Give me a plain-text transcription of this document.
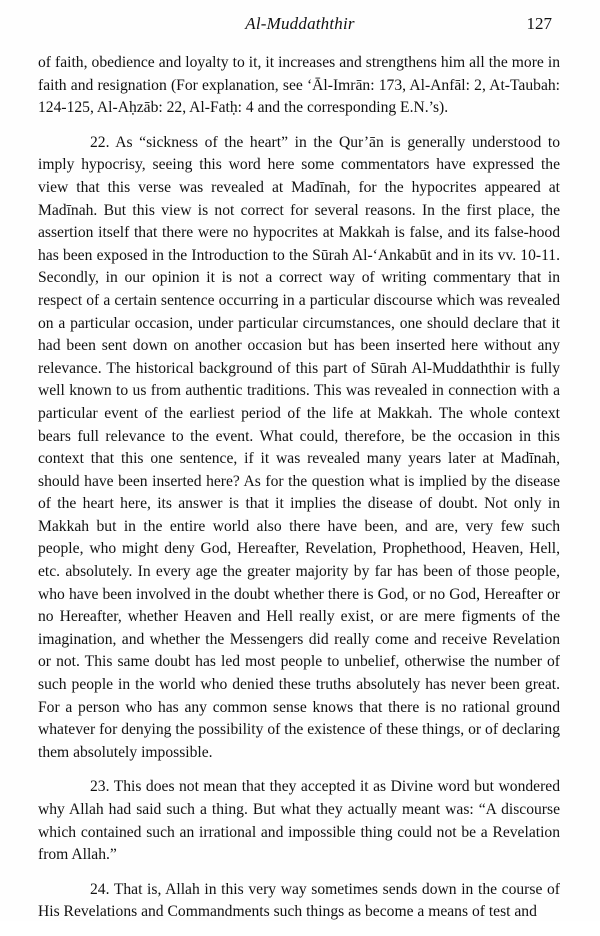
Al-Muddaththir	127

of faith, obedience and loyalty to it, it increases and strengthens him all the more in faith and resignation (For explanation, see ‘Āl-Imrān: 173, Al-Anfāl: 2, At-Taubah: 124-125, Al-Aḥzāb: 22, Al-Fatḥ: 4 and the corresponding E.N.’s).

22. As “sickness of the heart” in the Qur’ān is generally understood to imply hypocrisy, seeing this word here some commentators have expressed the view that this verse was revealed at Madīnah, for the hypocrites appeared at Madīnah. But this view is not correct for several reasons. In the first place, the assertion itself that there were no hypocrites at Makkah is false, and its false-hood has been exposed in the Introduction to the Sūrah Al-‘Ankabūt and in its vv. 10-11. Secondly, in our opinion it is not a correct way of writing commentary that in respect of a certain sentence occurring in a particular discourse which was revealed on a particular occasion, under particular circumstances, one should declare that it had been sent down on another occasion but has been inserted here without any relevance. The historical background of this part of Sūrah Al-Muddaththir is fully well known to us from authentic traditions. This was revealed in connection with a particular event of the earliest period of the life at Makkah. The whole context bears full relevance to the event. What could, therefore, be the occasion in this context that this one sentence, if it was revealed many years later at Madīnah, should have been inserted here? As for the question what is implied by the disease of the heart here, its answer is that it implies the disease of doubt. Not only in Makkah but in the entire world also there have been, and are, very few such people, who might deny God, Hereafter, Revelation, Prophethood, Heaven, Hell, etc. absolutely. In every age the greater majority by far has been of those people, who have been involved in the doubt whether there is God, or no God, Hereafter or no Hereafter, whether Heaven and Hell really exist, or are mere figments of the imagination, and whether the Messengers did really come and receive Revelation or not. This same doubt has led most people to unbelief, otherwise the number of such people in the world who denied these truths absolutely has never been great. For a person who has any common sense knows that there is no rational ground whatever for denying the possibility of the existence of these things, or of declaring them absolutely impossible.

23. This does not mean that they accepted it as Divine word but wondered why Allah had said such a thing. But what they actually meant was: “A discourse which contained such an irrational and impossible thing could not be a Revelation from Allah.”

24. That is, Allah in this very way sometimes sends down in the course of His Revelations and Commandments such things as become a means of test and
